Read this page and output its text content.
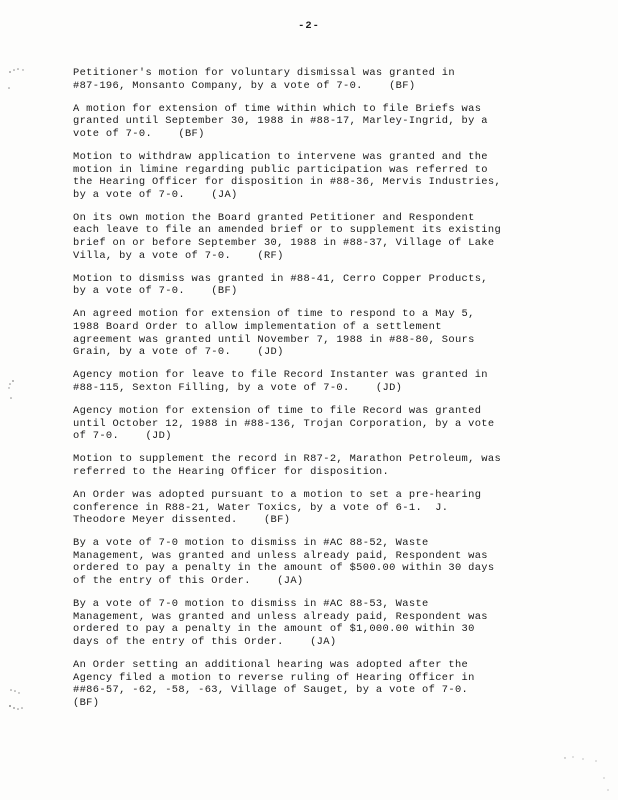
-2-
Petitioner's motion for voluntary dismissal was granted in
#87-196, Monsanto Company, by a vote of 7-0.    (BF)
A motion for extension of time within which to file Briefs was
granted until September 30, 1988 in #88-17, Marley-Ingrid, by a
vote of 7-0.    (BF)
Motion to withdraw application to intervene was granted and the
motion in limine regarding public participation was referred to
the Hearing Officer for disposition in #88-36, Mervis Industries,
by a vote of 7-0.    (JA)
On its own motion the Board granted Petitioner and Respondent
each leave to file an amended brief or to supplement its existing
brief on or before September 30, 1988 in #88-37, Village of Lake
Villa, by a vote of 7-0.    (RF)
Motion to dismiss was granted in #88-41, Cerro Copper Products,
by a vote of 7-0.    (BF)
An agreed motion for extension of time to respond to a May 5,
1988 Board Order to allow implementation of a settlement
agreement was granted until November 7, 1988 in #88-80, Sours
Grain, by a vote of 7-0.    (JD)
Agency motion for leave to file Record Instanter was granted in
#88-115, Sexton Filling, by a vote of 7-0.    (JD)
Agency motion for extension of time to file Record was granted
until October 12, 1988 in #88-136, Trojan Corporation, by a vote
of 7-0.    (JD)
Motion to supplement the record in R87-2, Marathon Petroleum, was
referred to the Hearing Officer for disposition.
An Order was adopted pursuant to a motion to set a pre-hearing
conference in R88-21, Water Toxics, by a vote of 6-1.  J.
Theodore Meyer dissented.    (BF)
By a vote of 7-0 motion to dismiss in #AC 88-52, Waste
Management, was granted and unless already paid, Respondent was
ordered to pay a penalty in the amount of $500.00 within 30 days
of the entry of this Order.    (JA)
By a vote of 7-0 motion to dismiss in #AC 88-53, Waste
Management, was granted and unless already paid, Respondent was
ordered to pay a penalty in the amount of $1,000.00 within 30
days of the entry of this Order.    (JA)
An Order setting an additional hearing was adopted after the
Agency filed a motion to reverse ruling of Hearing Officer in
##86-57, -62, -58, -63, Village of Sauget, by a vote of 7-0.
(BF)
